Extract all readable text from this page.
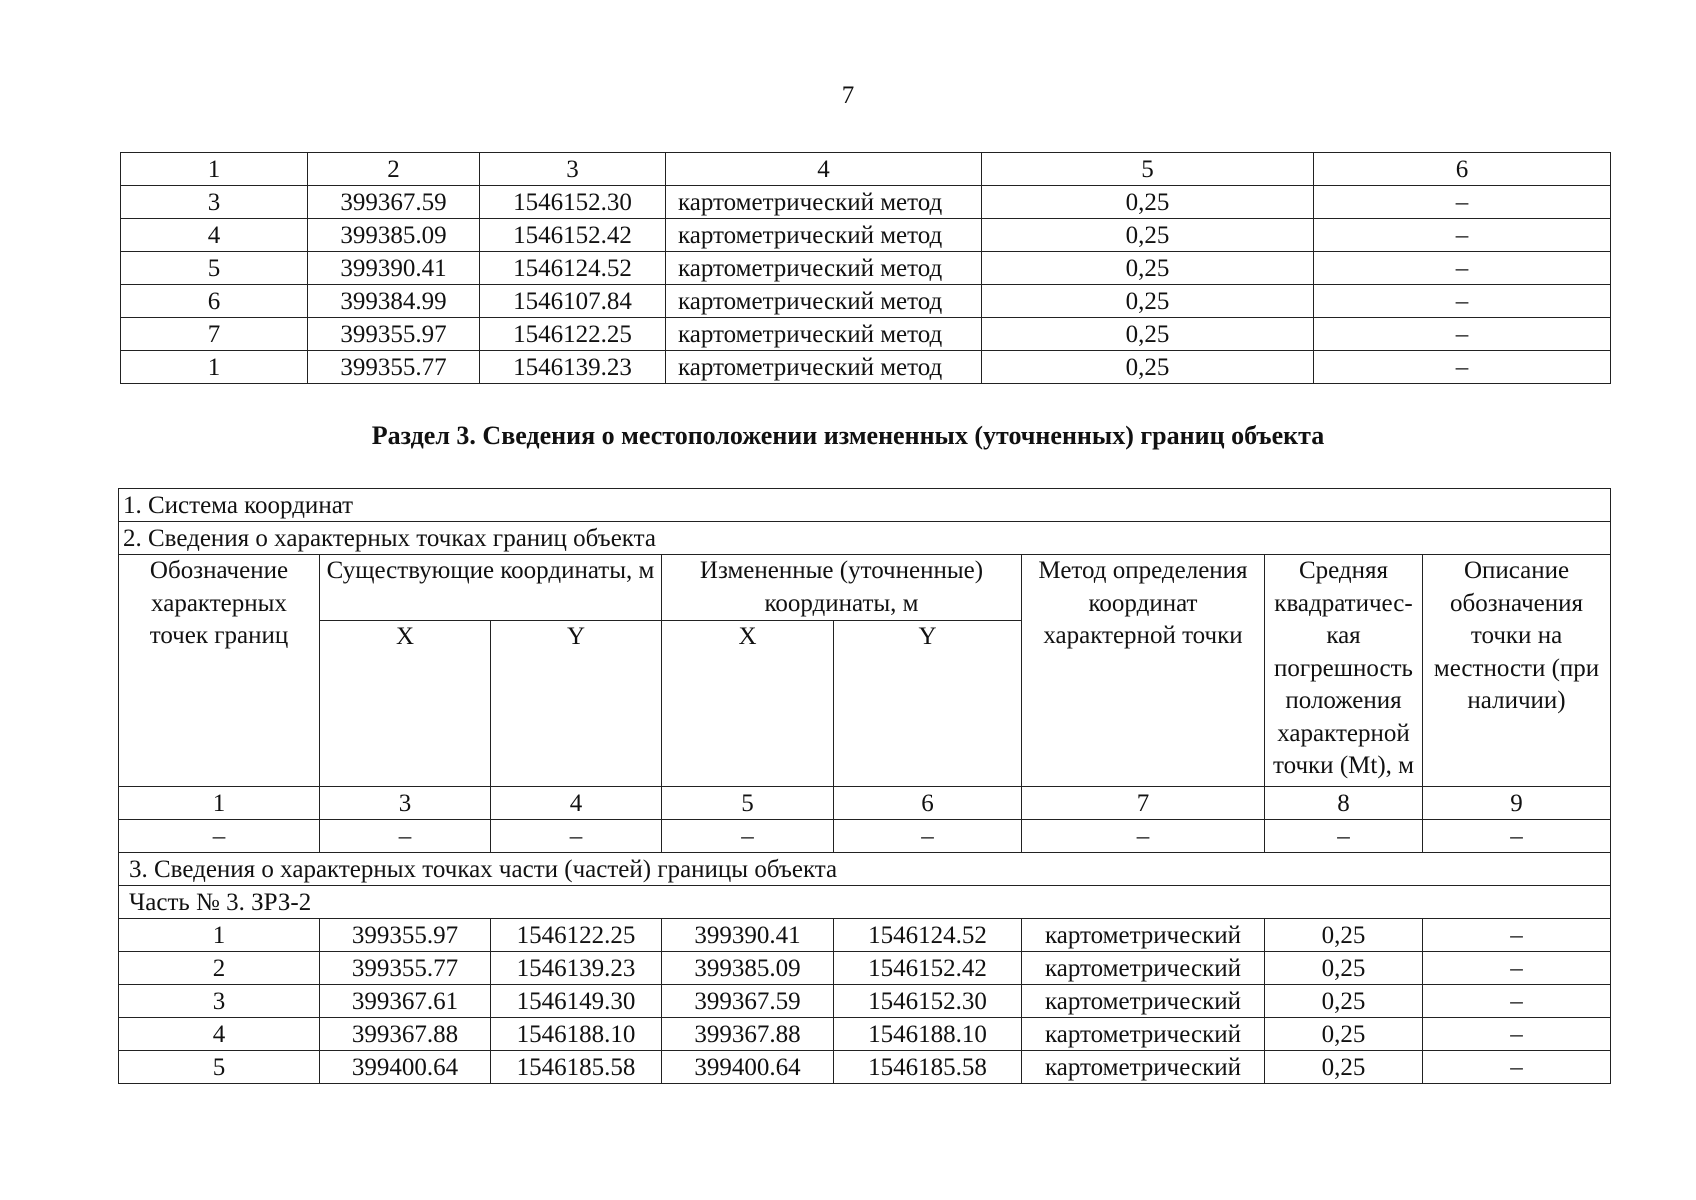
7
1	2	3	4	5	6
3	399367.59	1546152.30	картометрический метод	0,25	–
4	399385.09	1546152.42	картометрический метод	0,25	–
5	399390.41	1546124.52	картометрический метод	0,25	–
6	399384.99	1546107.84	картометрический метод	0,25	–
7	399355.97	1546122.25	картометрический метод	0,25	–
1	399355.77	1546139.23	картометрический метод	0,25	–
Раздел 3. Сведения о местоположении измененных (уточненных) границ объекта
1. Система координат							
2. Сведения о характерных точках границ объекта							
Обозначение характерных точек границ	Существующие координаты, м		Измененные (уточненные) координаты, м		Метод определения координат характерной точки	Средняя квадратичес-кая погрешность положения характерной точки (Mt), м	Описание обозначения точки на местности (при наличии)
	X	Y	X	Y			
1	3	4	5	6	7	8	9
–	–	–	–	–	–	–	–
3. Сведения о характерных точках части (частей) границы объекта							
Часть № 3. ЗРЗ-2							
1	399355.97	1546122.25	399390.41	1546124.52	картометрический	0,25	–
2	399355.77	1546139.23	399385.09	1546152.42	картометрический	0,25	–
3	399367.61	1546149.30	399367.59	1546152.30	картометрический	0,25	–
4	399367.88	1546188.10	399367.88	1546188.10	картометрический	0,25	–
5	399400.64	1546185.58	399400.64	1546185.58	картометрический	0,25	–
